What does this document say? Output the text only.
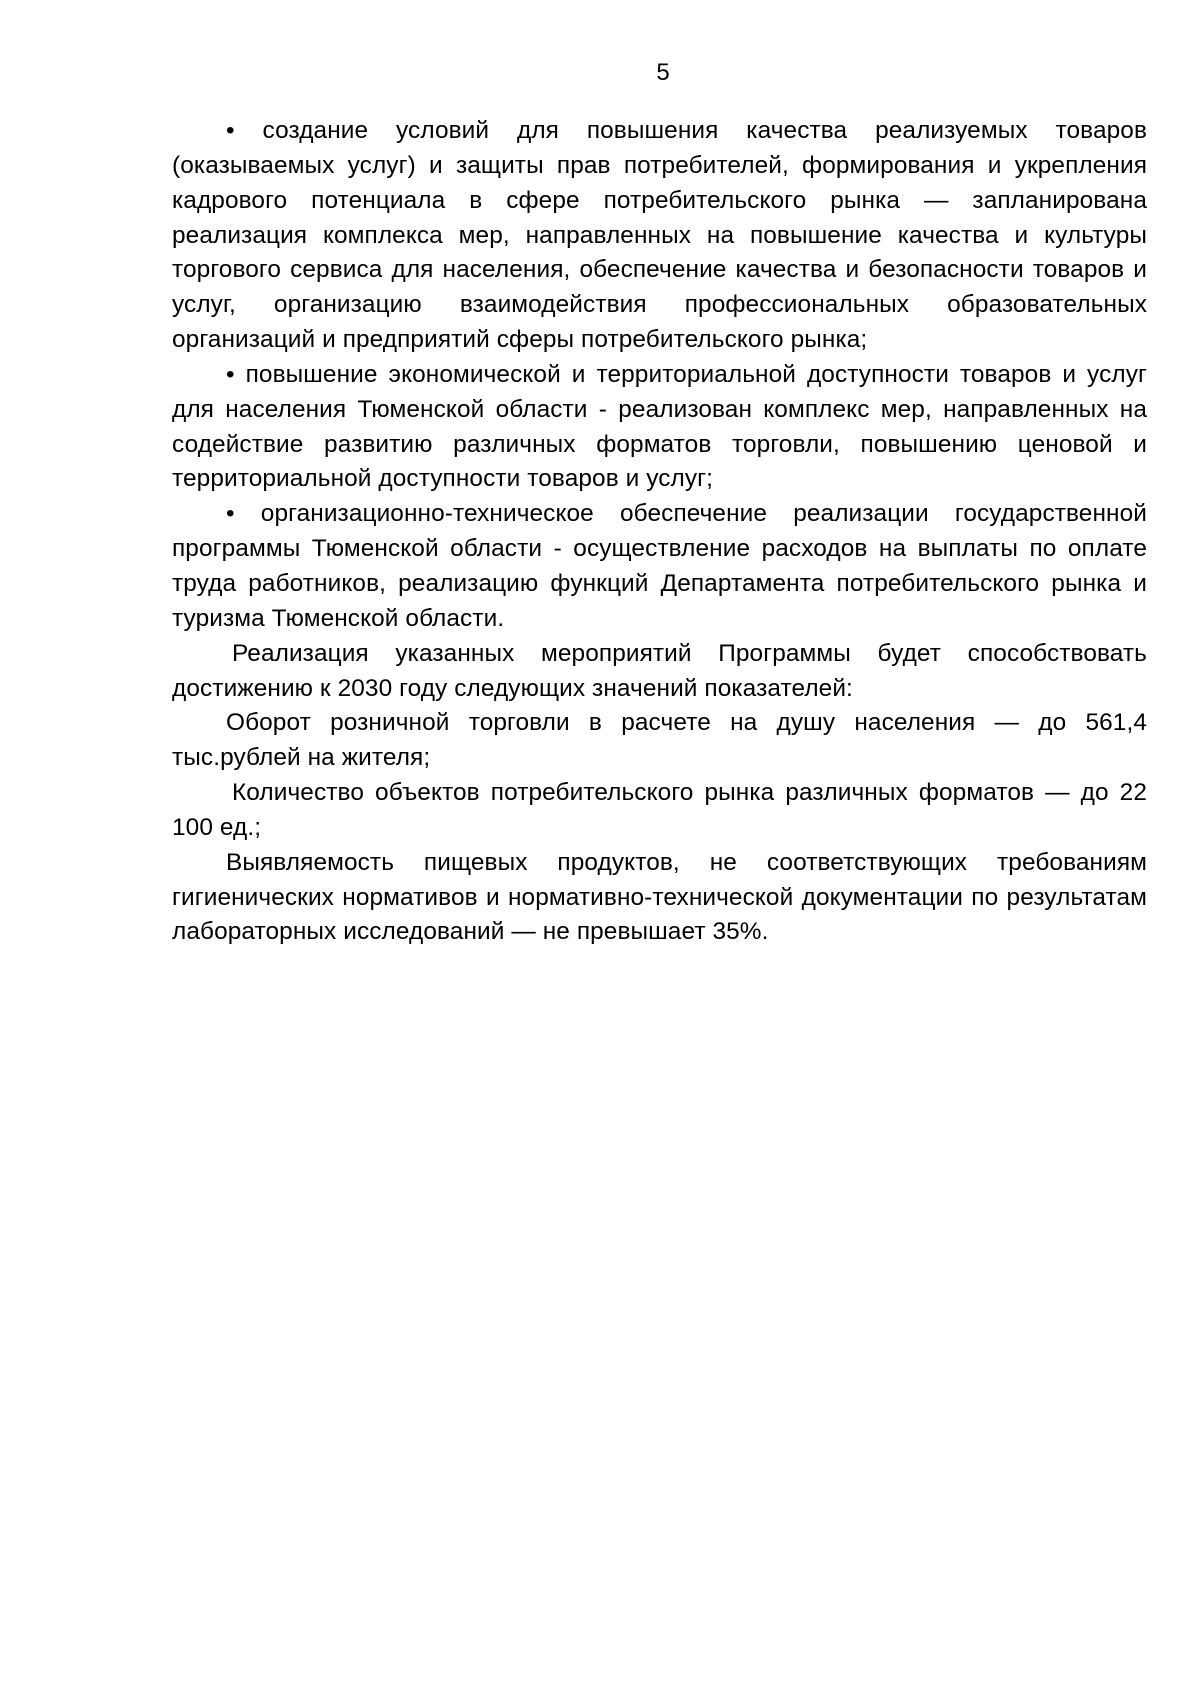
5

• создание условий для повышения качества реализуемых товаров (оказываемых услуг) и защиты прав потребителей, формирования и укрепления кадрового потенциала в сфере потребительского рынка — запланирована реализация комплекса мер, направленных на повышение качества и культуры торгового сервиса для населения, обеспечение качества и безопасности товаров и услуг, организацию взаимодействия профессиональных образовательных организаций и предприятий сферы потребительского рынка;

• повышение экономической и территориальной доступности товаров и услуг для населения Тюменской области - реализован комплекс мер, направленных на содействие развитию различных форматов торговли, повышению ценовой и территориальной доступности товаров и услуг;

• организационно-техническое обеспечение реализации государственной программы Тюменской области - осуществление расходов на выплаты по оплате труда работников, реализацию функций Департамента потребительского рынка и туризма Тюменской области.

Реализация указанных мероприятий Программы будет способствовать достижению к 2030 году следующих значений показателей:

Оборот розничной торговли в расчете на душу населения — до 561,4 тыс.рублей на жителя;

Количество объектов потребительского рынка различных форматов — до 22 100 ед.;

Выявляемость пищевых продуктов, не соответствующих требованиям гигиенических нормативов и нормативно-технической документации по результатам лабораторных исследований — не превышает 35%.
